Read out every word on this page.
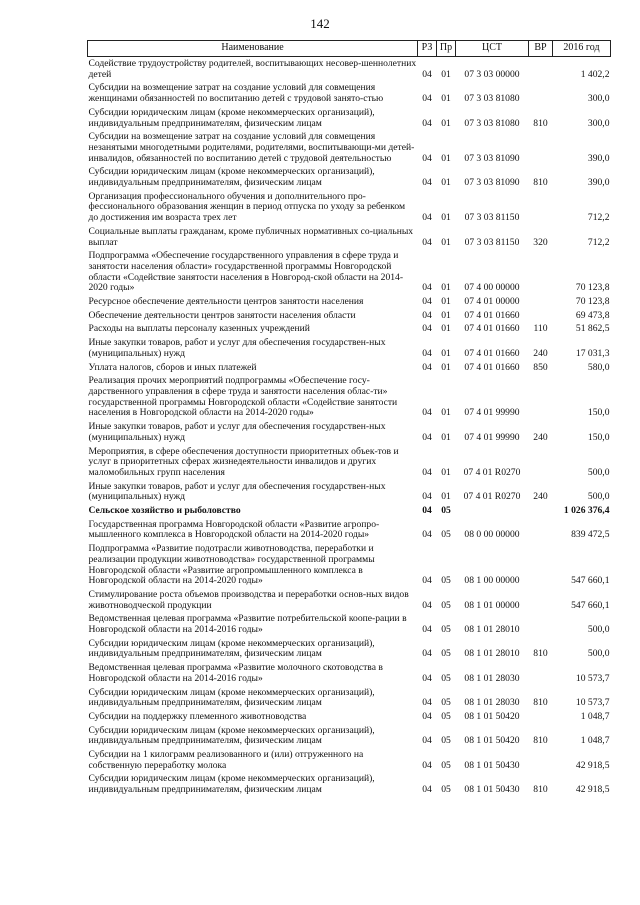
142
Наименование	РЗ	Пр	ЦСТ	ВР	2016 год
Содействие трудоустройству родителей, воспитывающих несовер-шеннолетних детей	04	01	07 3 03 00000		1 402,2
Субсидии на возмещение затрат на создание условий для совмещения женщинами обязанностей по воспитанию детей с трудовой занято-стью	04	01	07 3 03 81080		300,0
Субсидии юридическим лицам (кроме некоммерческих организаций), индивидуальным предпринимателям, физическим лицам	04	01	07 3 03 81080	810	300,0
Субсидии на возмещение затрат на создание условий для совмещения незанятыми многодетными родителями, родителями, воспитывающи-ми детей-инвалидов, обязанностей по воспитанию детей с трудовой деятельностью	04	01	07 3 03 81090		390,0
Субсидии юридическим лицам (кроме некоммерческих организаций), индивидуальным предпринимателям, физическим лицам	04	01	07 3 03 81090	810	390,0
Организация профессионального обучения и дополнительного про-фессионального образования женщин в период отпуска по уходу за ребенком до достижения им возраста трех лет	04	01	07 3 03 81150		712,2
Социальные выплаты гражданам, кроме публичных нормативных со-циальных выплат	04	01	07 3 03 81150	320	712,2
Подпрограмма «Обеспечение государственного управления в сфере труда и занятости населения области» государственной программы Новгородской области «Содействие занятости населения в Новгород-ской области на 2014-2020 годы»	04	01	07 4 00 00000		70 123,8
Ресурсное обеспечение деятельности центров занятости населения	04	01	07 4 01 00000		70 123,8
Обеспечение деятельности центров занятости населения области	04	01	07 4 01 01660		69 473,8
Расходы на выплаты персоналу казенных учреждений	04	01	07 4 01 01660	110	51 862,5
Иные закупки товаров, работ и услуг для обеспечения государствен-ных (муниципальных) нужд	04	01	07 4 01 01660	240	17 031,3
Уплата налогов, сборов и иных платежей	04	01	07 4 01 01660	850	580,0
Реализация прочих мероприятий подпрограммы «Обеспечение госу-дарственного управления в сфере труда и занятости населения облас-ти» государственной программы Новгородской области «Содействие занятости населения в Новгородской области на 2014-2020 годы»	04	01	07 4 01 99990		150,0
Иные закупки товаров, работ и услуг для обеспечения государствен-ных (муниципальных) нужд	04	01	07 4 01 99990	240	150,0
Мероприятия, в сфере обеспечения доступности приоритетных объек-тов и услуг в приоритетных сферах жизнедеятельности инвалидов и других маломобильных групп населения	04	01	07 4 01 R0270		500,0
Иные закупки товаров, работ и услуг для обеспечения государствен-ных (муниципальных) нужд	04	01	07 4 01 R0270	240	500,0
Сельское хозяйство и рыболовство	04	05			1 026 376,4
Государственная программа Новгородской области «Развитие агропро-мышленного комплекса в Новгородской области на 2014-2020 годы»	04	05	08 0 00 00000		839 472,5
Подпрограмма «Развитие подотрасли животноводства, переработки и реализации продукции животноводства» государственной программы Новгородской области «Развитие агропромышленного комплекса в Новгородской области на 2014-2020 годы»	04	05	08 1 00 00000		547 660,1
Стимулирование роста объемов производства и переработки основ-ных видов животноводческой продукции	04	05	08 1 01 00000		547 660,1
Ведомственная целевая программа «Развитие потребительской коопе-рации в Новгородской области на 2014-2016 годы»	04	05	08 1 01 28010		500,0
Субсидии юридическим лицам (кроме некоммерческих организаций), индивидуальным предпринимателям, физическим лицам	04	05	08 1 01 28010	810	500,0
Ведомственная целевая программа «Развитие молочного скотоводства в Новгородской области на 2014-2016 годы»	04	05	08 1 01 28030		10 573,7
Субсидии юридическим лицам (кроме некоммерческих организаций), индивидуальным предпринимателям, физическим лицам	04	05	08 1 01 28030	810	10 573,7
Субсидии на поддержку племенного животноводства	04	05	08 1 01 50420		1 048,7
Субсидии юридическим лицам (кроме некоммерческих организаций), индивидуальным предпринимателям, физическим лицам	04	05	08 1 01 50420	810	1 048,7
Субсидии на 1 килограмм реализованного и (или) отгруженного на собственную переработку молока	04	05	08 1 01 50430		42 918,5
Субсидии юридическим лицам (кроме некоммерческих организаций), индивидуальным предпринимателям, физическим лицам	04	05	08 1 01 50430	810	42 918,5
